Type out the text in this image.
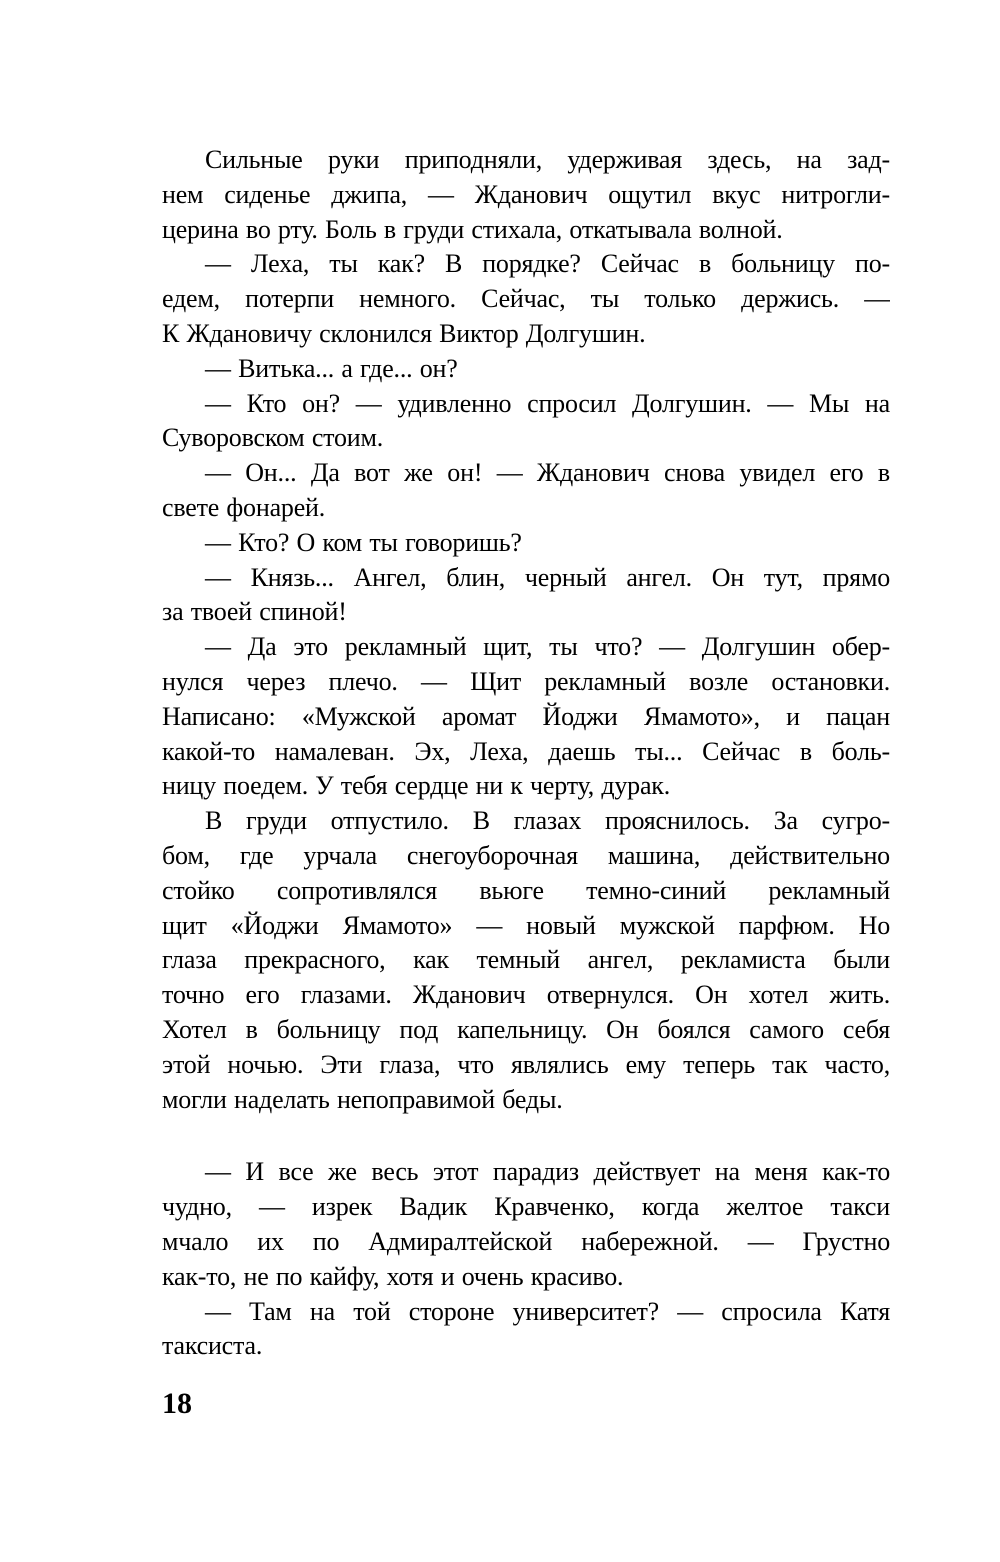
Сильные руки приподняли, удерживая здесь, на зад-
нем сиденье джипа, — Жданович ощутил вкус нитрогли-
церина во рту. Боль в груди стихала, откатывала волной.
— Леха, ты как? В порядке? Сейчас в больницу по-
едем, потерпи немного. Сейчас, ты только держись. —
К Ждановичу склонился Виктор Долгушин.
— Витька... а где... он?
— Кто он? — удивленно спросил Долгушин. — Мы на
Суворовском стоим.
— Он... Да вот же он! — Жданович снова увидел его в
свете фонарей.
— Кто? О ком ты говоришь?
— Князь... Ангел, блин, черный ангел. Он тут, прямо
за твоей спиной!
— Да это рекламный щит, ты что? — Долгушин обер-
нулся через плечо. — Щит рекламный возле остановки.
Написано: «Мужской аромат Йоджи Ямамото», и пацан
какой-то намалеван. Эх, Леха, даешь ты... Сейчас в боль-
ницу поедем. У тебя сердце ни к черту, дурак.
В груди отпустило. В глазах прояснилось. За сугро-
бом, где урчала снегоуборочная машина, действительно
стойко сопротивлялся вьюге темно-синий рекламный
щит «Йоджи Ямамото» — новый мужской парфюм. Но
глаза прекрасного, как темный ангел, рекламиста были
точно его глазами. Жданович отвернулся. Он хотел жить.
Хотел в больницу под капельницу. Он боялся самого себя
этой ночью. Эти глаза, что являлись ему теперь так часто,
могли наделать непоправимой беды.
— И все же весь этот парадиз действует на меня как-то
чудно, — изрек Вадик Кравченко, когда желтое такси
мчало их по Адмиралтейской набережной. — Грустно
как-то, не по кайфу, хотя и очень красиво.
— Там на той стороне университет? — спросила Катя
таксиста.
18
